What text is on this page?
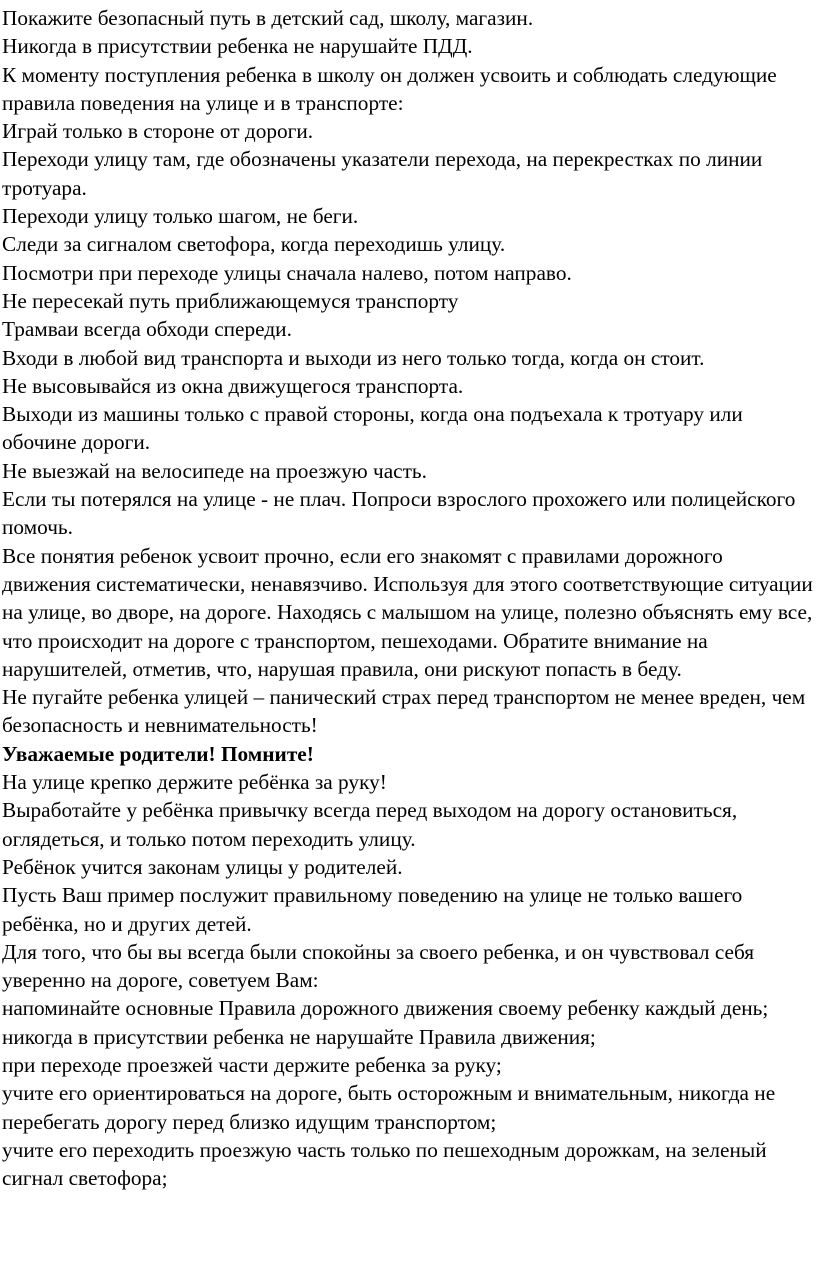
Покажите безопасный путь в детский сад, школу, магазин.

Никогда в присутствии ребенка не нарушайте ПДД.

К моменту поступления ребенка в школу он должен усвоить и соблюдать следующие правила поведения на улице и в транспорте:

Играй только в стороне от дороги.

Переходи улицу там, где обозначены указатели перехода, на перекрестках по линии тротуара.

Переходи улицу только шагом, не беги.

Следи за сигналом светофора, когда переходишь улицу.

Посмотри при переходе улицы сначала налево, потом направо.

Не пересекай путь приближающемуся транспорту

Трамваи всегда обходи спереди.

Входи в любой вид транспорта и выходи из него только тогда, когда он стоит.

Не высовывайся из окна движущегося транспорта.

Выходи из машины только с правой стороны, когда она подъехала к тротуару или обочине дороги.

Не выезжай на велосипеде на проезжую часть.

Если ты потерялся на улице - не плач. Попроси взрослого прохожего или полицейского помочь.

Все понятия ребенок усвоит прочно, если его знакомят с правилами дорожного движения систематически, ненавязчиво. Используя для этого соответствующие ситуации на улице, во дворе, на дороге. Находясь с малышом на улице, полезно объяснять ему все, что происходит на дороге с транспортом, пешеходами. Обратите внимание на нарушителей, отметив, что, нарушая правила, они рискуют попасть в беду.

Не пугайте ребенка улицей – панический страх перед транспортом не менее вреден, чем безопасность и невнимательность!

Уважаемые родители! Помните!

На улице крепко держите ребёнка за руку!

Выработайте у ребёнка привычку всегда перед выходом на дорогу остановиться, оглядеться, и только потом переходить улицу.

Ребёнок учится законам улицы у родителей.

Пусть Ваш пример послужит правильному поведению на улице не только вашего ребёнка, но и других детей.

Для того, что бы вы всегда были спокойны за своего ребенка, и он чувствовал себя уверенно на дороге, советуем Вам:

напоминайте основные Правила дорожного движения своему ребенку каждый день;

никогда в присутствии ребенка не нарушайте Правила движения;

при переходе проезжей части держите ребенка за руку;

учите его ориентироваться на дороге, быть осторожным и внимательным, никогда не перебегать дорогу перед близко идущим транспортом;

учите его переходить проезжую часть только по пешеходным дорожкам, на зеленый сигнал светофора;
